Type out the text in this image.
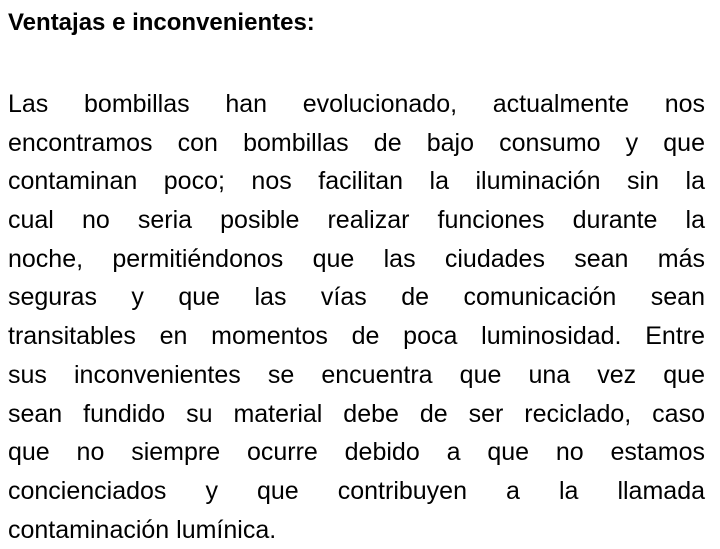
Ventajas e inconvenientes:
Las bombillas han evolucionado, actualmente nos
encontramos con bombillas de bajo consumo y que
contaminan poco; nos facilitan la iluminación sin la
cual no seria posible realizar funciones durante la
noche, permitiéndonos que las ciudades sean más
seguras y que las vías de comunicación sean
transitables en momentos de poca luminosidad. Entre
sus inconvenientes se encuentra que una vez que
sean fundido su material debe de ser reciclado, caso
que no siempre ocurre debido a que no estamos
concienciados y que contribuyen a la llamada
contaminación lumínica.
